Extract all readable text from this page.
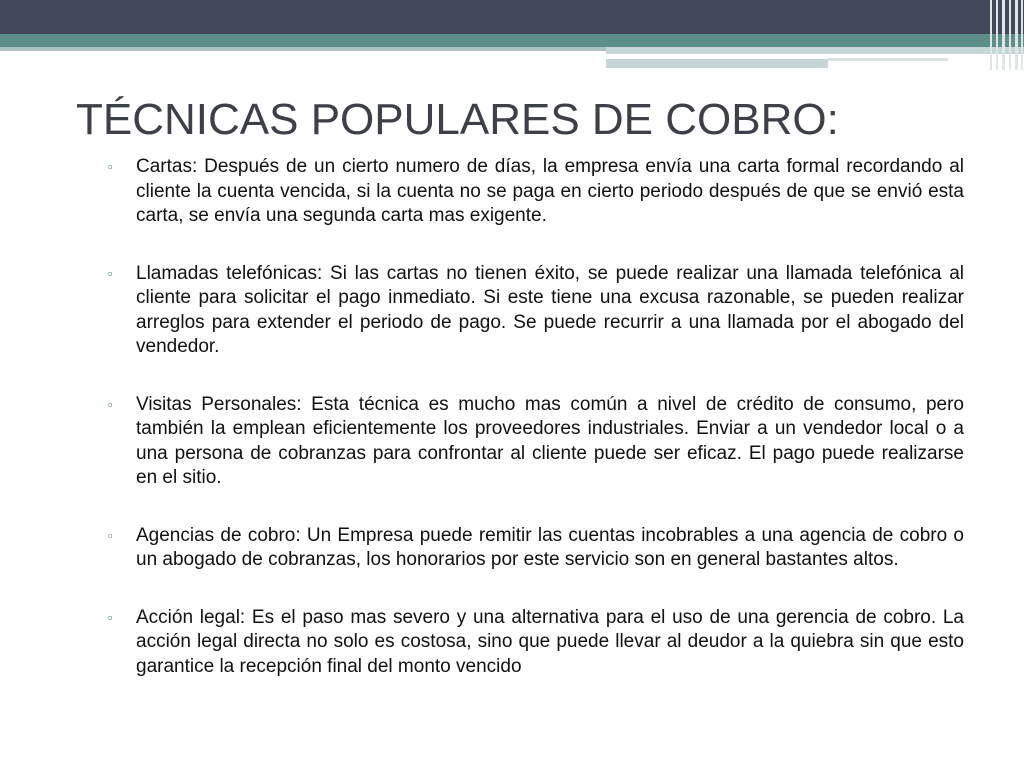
TÉCNICAS POPULARES DE COBRO:
▫	Cartas: Después de un cierto numero de días, la empresa envía una carta formal recordando al cliente la cuenta vencida, si la cuenta no se paga en cierto periodo después de que se envió esta carta, se envía una segunda carta mas exigente.
▫	Llamadas telefónicas: Si las cartas no tienen éxito, se puede realizar una llamada telefónica al cliente para solicitar el pago inmediato. Si este tiene una excusa razonable, se pueden realizar arreglos para extender el periodo de pago. Se puede recurrir a una llamada por el abogado del vendedor.
▫	Visitas Personales: Esta técnica es mucho mas común a nivel de crédito de consumo, pero también la emplean eficientemente los proveedores industriales. Enviar a un vendedor local o a una persona de cobranzas para confrontar al cliente puede ser eficaz. El pago puede realizarse en el sitio.
▫	Agencias de cobro: Un Empresa puede remitir las cuentas incobrables a una agencia de cobro o un abogado de cobranzas, los honorarios por este servicio son en general bastantes altos.
▫	Acción legal: Es el paso mas severo y una alternativa para el uso de una gerencia de cobro. La acción legal directa no solo es costosa, sino que puede llevar al deudor a la quiebra sin que esto garantice la recepción final del monto vencido
